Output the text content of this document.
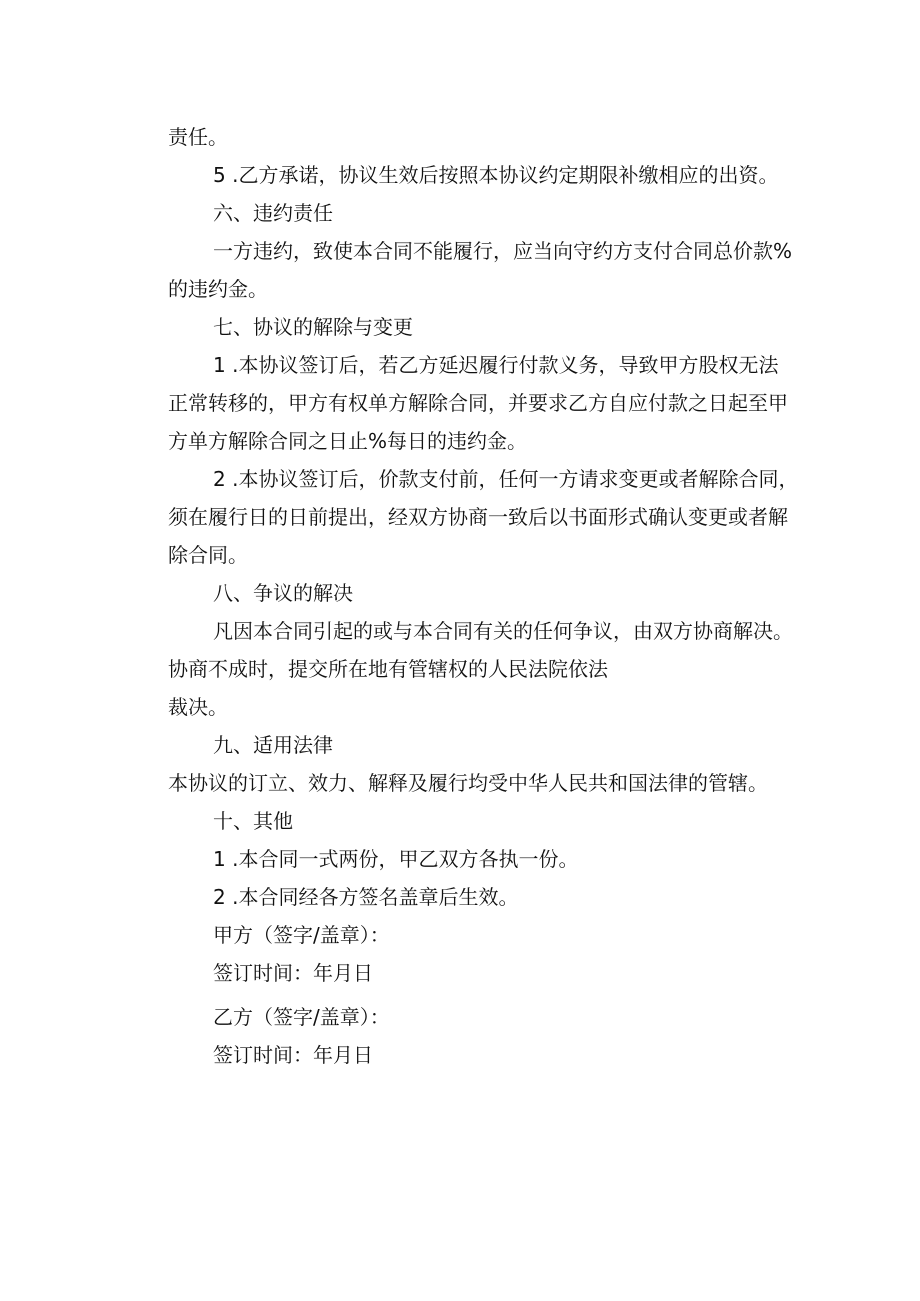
责任。
5 .乙方承诺，协议生效后按照本协议约定期限补缴相应的出资。
六、违约责任
一方违约，致使本合同不能履行，应当向守约方支付合同总价款%
的违约金。
七、协议的解除与变更
1 .本协议签订后，若乙方延迟履行付款义务，导致甲方股权无法
正常转移的，甲方有权单方解除合同，并要求乙方自应付款之日起至甲
方单方解除合同之日止%每日的违约金。
2 .本协议签订后，价款支付前，任何一方请求变更或者解除合同，
须在履行日的日前提出，经双方协商一致后以书面形式确认变更或者解
除合同。
八、争议的解决
凡因本合同引起的或与本合同有关的任何争议，由双方协商解决。
协商不成时，提交所在地有管辖权的人民法院依法
裁决。
九、适用法律
本协议的订立、效力、解释及履行均受中华人民共和国法律的管辖。
十、其他
1 .本合同一式两份，甲乙双方各执一份。
2 .本合同经各方签名盖章后生效。
甲方（签字/盖章）：
签订时间：年月日
乙方（签字/盖章）：
签订时间：年月日
